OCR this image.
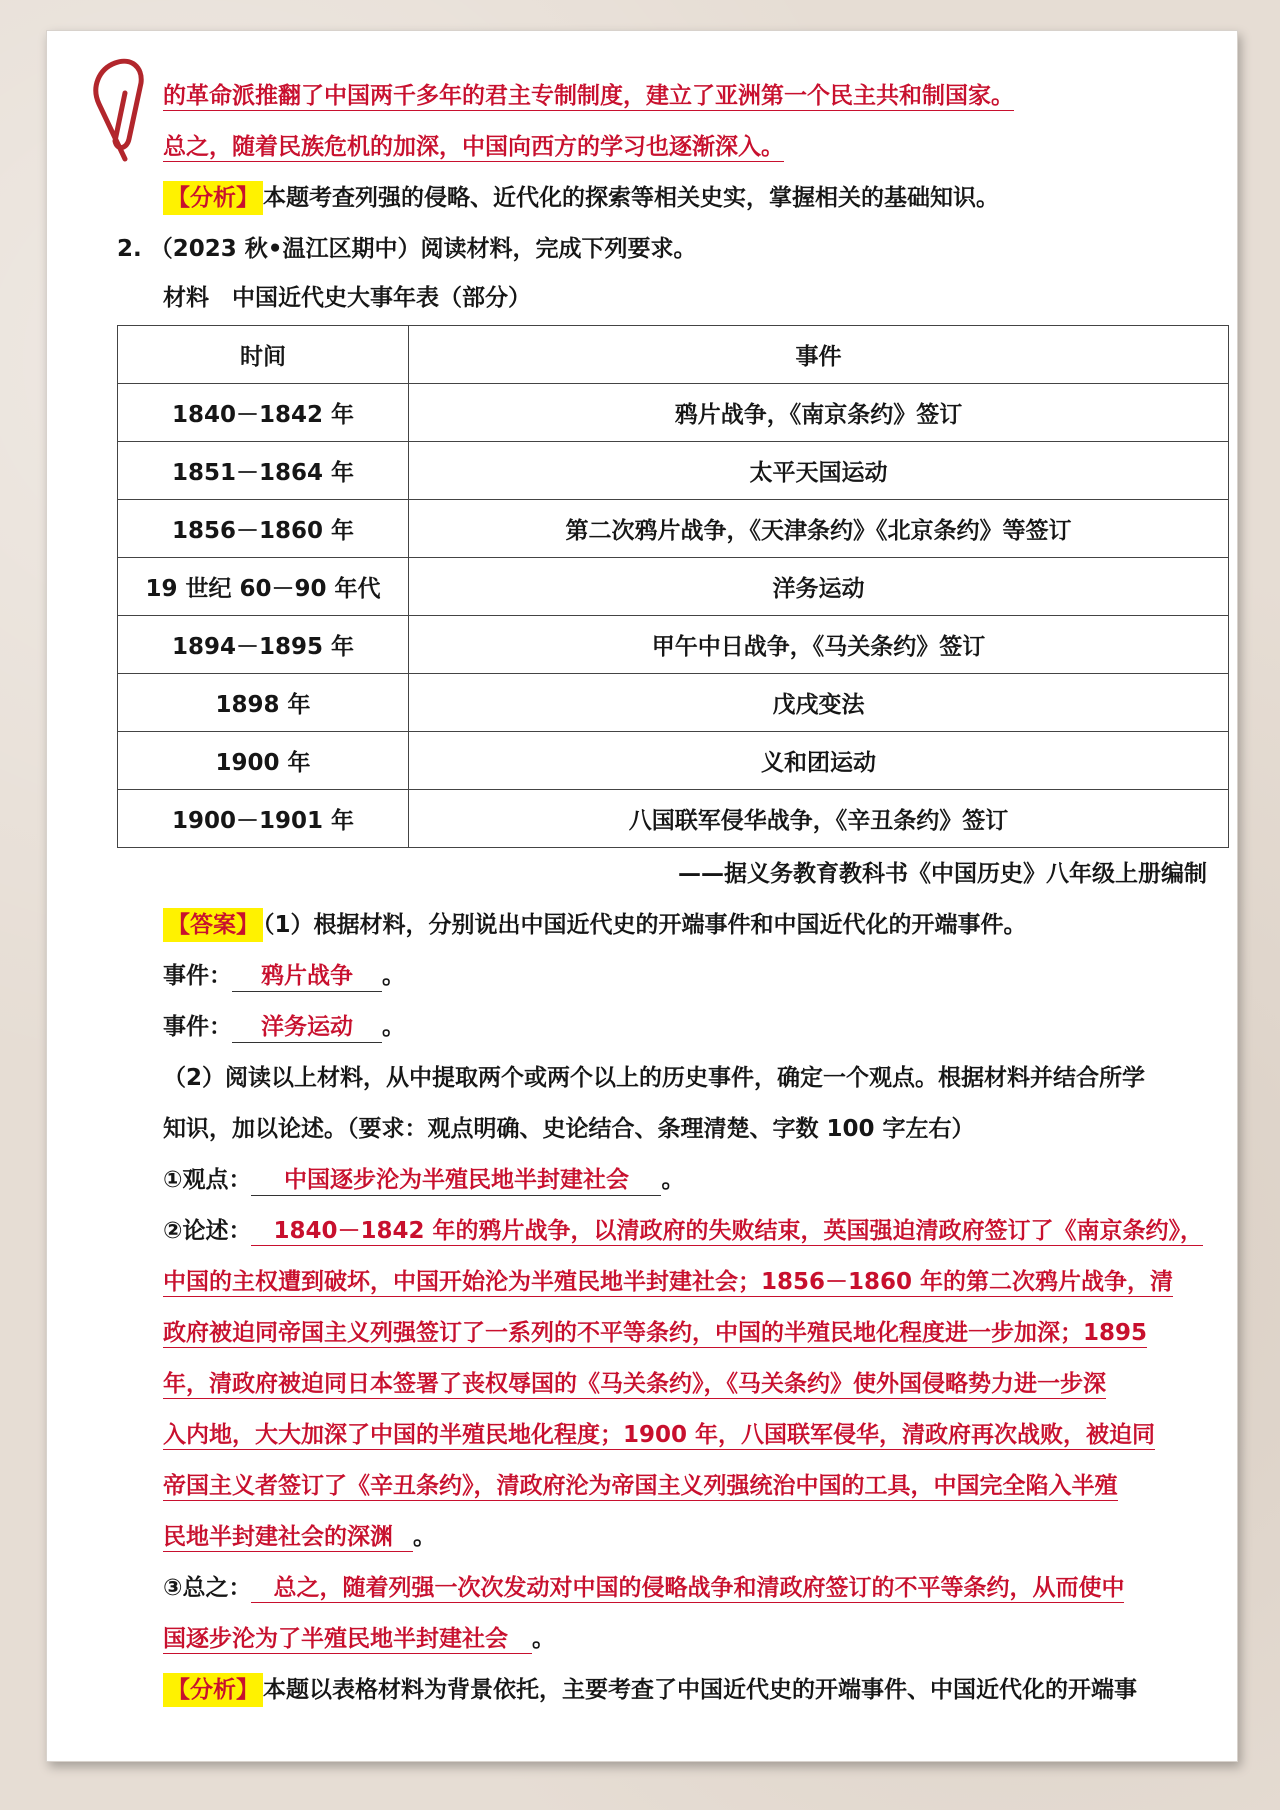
的革命派推翻了中国两千多年的君主专制制度，建立了亚洲第一个民主共和制国家。
总之，随着民族危机的加深，中国向西方的学习也逐渐深入。
【分析】 本题考查列强的侵略、近代化的探索等相关史实，掌握相关的基础知识。
2. （2023 秋•温江区期中）阅读材料，完成下列要求。
材料　中国近代史大事年表（部分）
时间	事件
1840－1842 年	鸦片战争，《南京条约》签订
1851－1864 年	太平天国运动
1856－1860 年	第二次鸦片战争，《天津条约》《北京条约》等签订
19 世纪 60－90 年代	洋务运动
1894－1895 年	甲午中日战争，《马关条约》签订
1898 年	戊戌变法
1900 年	义和团运动
1900－1901 年	八国联军侵华战争，《辛丑条约》签订
——据义务教育教科书《中国历史》八年级上册编制
【答案】 （1）根据材料，分别说出中国近代史的开端事件和中国近代化的开端事件。
事件： 鸦片战争 。
事件： 洋务运动 。
（2）阅读以上材料，从中提取两个或两个以上的历史事件，确定一个观点。根据材料并结合所学
知识，加以论述。（要求：观点明确、史论结合、条理清楚、字数 100 字左右）
①观点： 中国逐步沦为半殖民地半封建社会 。
②论述： 1840－1842 年的鸦片战争，以清政府的失败结束，英国强迫清政府签订了《南京条约》，
中国的主权遭到破坏，中国开始沦为半殖民地半封建社会；1856－1860 年的第二次鸦片战争，清
政府被迫同帝国主义列强签订了一系列的不平等条约，中国的半殖民地化程度进一步加深；1895
年，清政府被迫同日本签署了丧权辱国的《马关条约》，《马关条约》使外国侵略势力进一步深
入内地，大大加深了中国的半殖民地化程度；1900 年，八国联军侵华，清政府再次战败，被迫同
帝国主义者签订了《辛丑条约》，清政府沦为帝国主义列强统治中国的工具，中国完全陷入半殖
民地半封建社会的深渊 。
③总之： 总之，随着列强一次次发动对中国的侵略战争和清政府签订的不平等条约，从而使中
国逐步沦为了半殖民地半封建社会 。
【分析】 本题以表格材料为背景依托，主要考查了中国近代史的开端事件、中国近代化的开端事
